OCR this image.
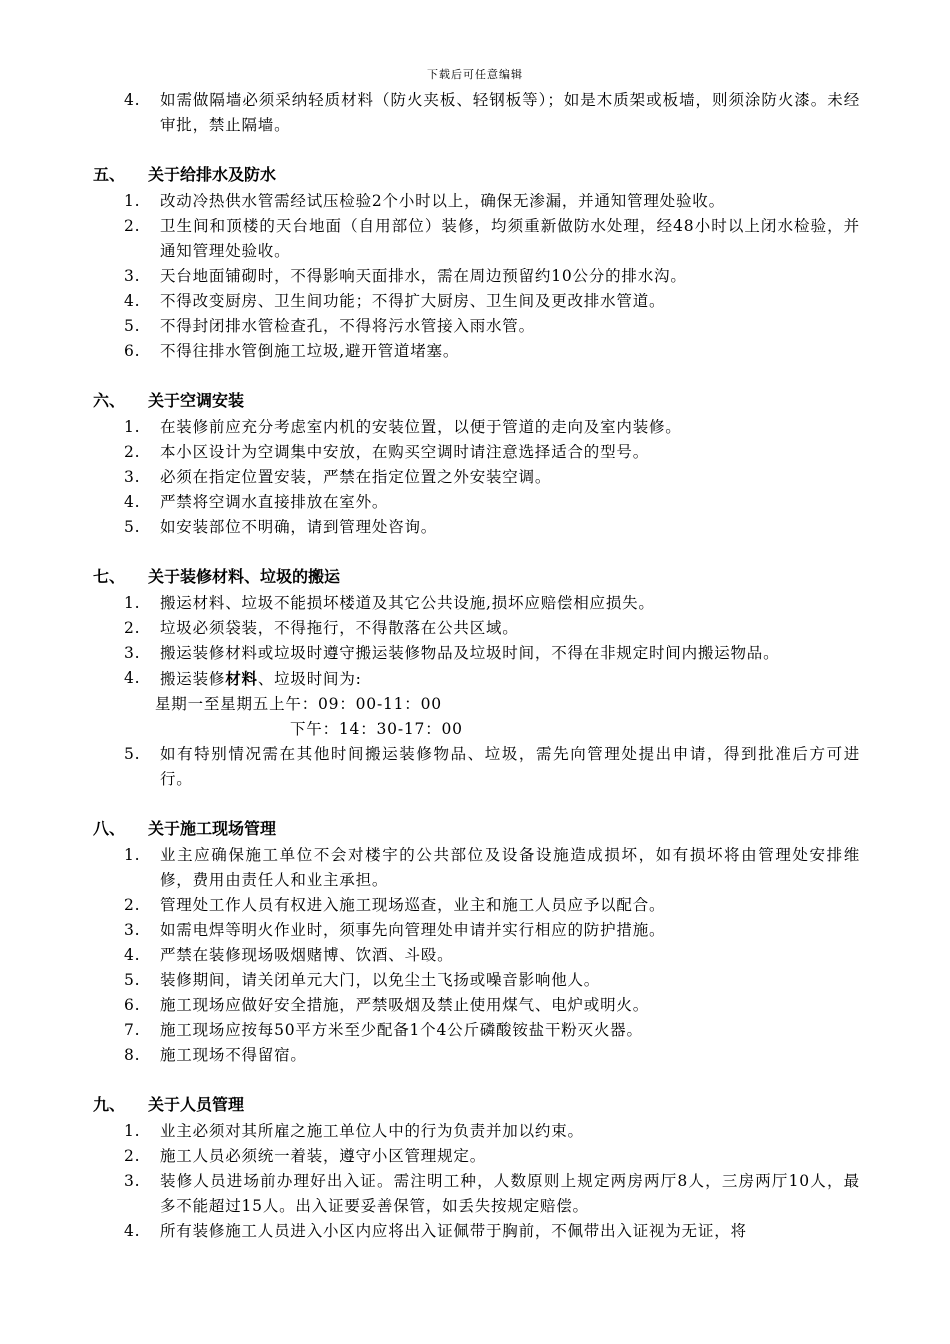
下载后可任意编辑
4. 如需做隔墙必须采纳轻质材料（防火夹板、轻钢板等）；如是木质架或板墙，则须涂防火漆。未经审批，禁止隔墙。
五、 关于给排水及防水
1. 改动冷热供水管需经试压检验2个小时以上，确保无渗漏，并通知管理处验收。
2. 卫生间和顶楼的天台地面（自用部位）装修，均须重新做防水处理，经48小时以上闭水检验，并通知管理处验收。
3. 天台地面铺砌时，不得影响天面排水，需在周边预留约10公分的排水沟。
4. 不得改变厨房、卫生间功能；不得扩大厨房、卫生间及更改排水管道。
5. 不得封闭排水管检查孔，不得将污水管接入雨水管。
6. 不得往排水管倒施工垃圾,避开管道堵塞。
六、 关于空调安装
1. 在装修前应充分考虑室内机的安装位置，以便于管道的走向及室内装修。
2. 本小区设计为空调集中安放，在购买空调时请注意选择适合的型号。
3. 必须在指定位置安装，严禁在指定位置之外安装空调。
4. 严禁将空调水直接排放在室外。
5. 如安装部位不明确，请到管理处咨询。
七、 关于装修材料、垃圾的搬运
1. 搬运材料、垃圾不能损坏楼道及其它公共设施,损坏应赔偿相应损失。
2. 垃圾必须袋装，不得拖行，不得散落在公共区域。
3. 搬运装修材料或垃圾时遵守搬运装修物品及垃圾时间，不得在非规定时间内搬运物品。
4. 搬运装修材料、垃圾时间为:
星期一至星期五上午：09：00-11：00
下午：14：30-17：00
5. 如有特别情况需在其他时间搬运装修物品、垃圾，需先向管理处提出申请，得到批准后方可进行。
八、 关于施工现场管理
1. 业主应确保施工单位不会对楼宇的公共部位及设备设施造成损坏，如有损坏将由管理处安排维修，费用由责任人和业主承担。
2. 管理处工作人员有权进入施工现场巡查，业主和施工人员应予以配合。
3. 如需电焊等明火作业时，须事先向管理处申请并实行相应的防护措施。
4. 严禁在装修现场吸烟赌博、饮酒、斗殴。
5. 装修期间，请关闭单元大门，以免尘土飞扬或噪音影响他人。
6. 施工现场应做好安全措施，严禁吸烟及禁止使用煤气、电炉或明火。
7. 施工现场应按每50平方米至少配备1个4公斤磷酸铵盐干粉灭火器。
8. 施工现场不得留宿。
九、 关于人员管理
1. 业主必须对其所雇之施工单位人中的行为负责并加以约束。
2. 施工人员必须统一着装，遵守小区管理规定。
3. 装修人员进场前办理好出入证。需注明工种，人数原则上规定两房两厅8人，三房两厅10人，最多不能超过15人。出入证要妥善保管，如丢失按规定赔偿。
4. 所有装修施工人员进入小区内应将出入证佩带于胸前，不佩带出入证视为无证，将
